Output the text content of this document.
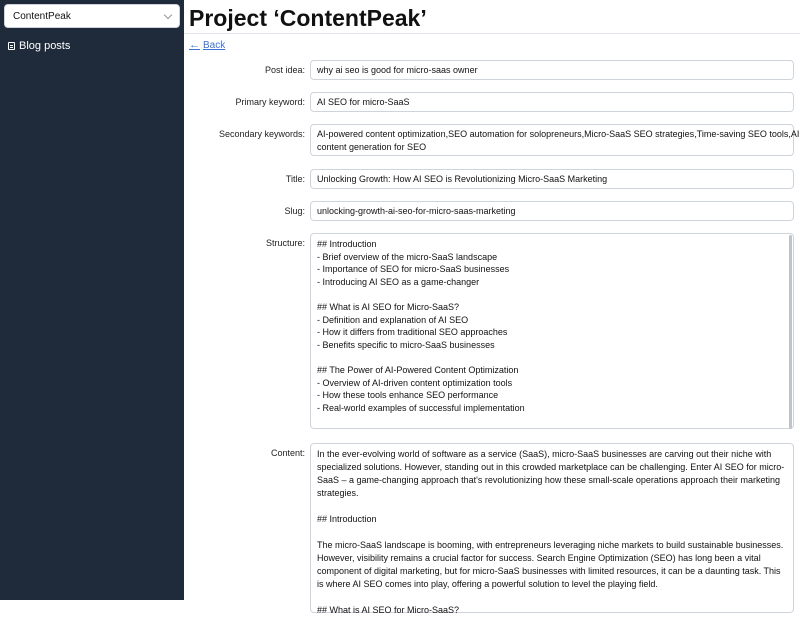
ContentPeak
Blog posts
Project ‘ContentPeak’
← Back
Post idea:	why ai seo is good for micro-saas owner
Primary keyword:	AI SEO for micro-SaaS
Secondary keywords: AI-powered content optimization,SEO automation for solopreneurs,Micro-SaaS SEO strategies,Time-saving SEO tools,AI
content generation for SEO
Title:	Unlocking Growth: How AI SEO is Revolutionizing Micro-SaaS Marketing
Slug:	unlocking-growth-ai-seo-for-micro-saas-marketing
Structure: ## Introduction
- Brief overview of the micro-SaaS landscape
- Importance of SEO for micro-SaaS businesses
- Introducing AI SEO as a game-changer
## What is AI SEO for Micro-SaaS?
- Definition and explanation of AI SEO
- How it differs from traditional SEO approaches
- Benefits specific to micro-SaaS businesses
## The Power of AI-Powered Content Optimization
- Overview of AI-driven content optimization tools
- How these tools enhance SEO performance
- Real-world examples of successful implementation
Content: In the ever-evolving world of software as a service (SaaS), micro-SaaS businesses are carving out their niche with specialized solutions. However, standing out in this crowded marketplace can be challenging. Enter AI SEO for micro-SaaS – a game-changing approach that's revolutionizing how these small-scale operations approach their marketing strategies.
## Introduction
The micro-SaaS landscape is booming, with entrepreneurs leveraging niche markets to build sustainable businesses. However, visibility remains a crucial factor for success. Search Engine Optimization (SEO) has long been a vital component of digital marketing, but for micro-SaaS businesses with limited resources, it can be a daunting task. This is where AI SEO comes into play, offering a powerful solution to level the playing field.
## What is AI SEO for Micro-SaaS?
